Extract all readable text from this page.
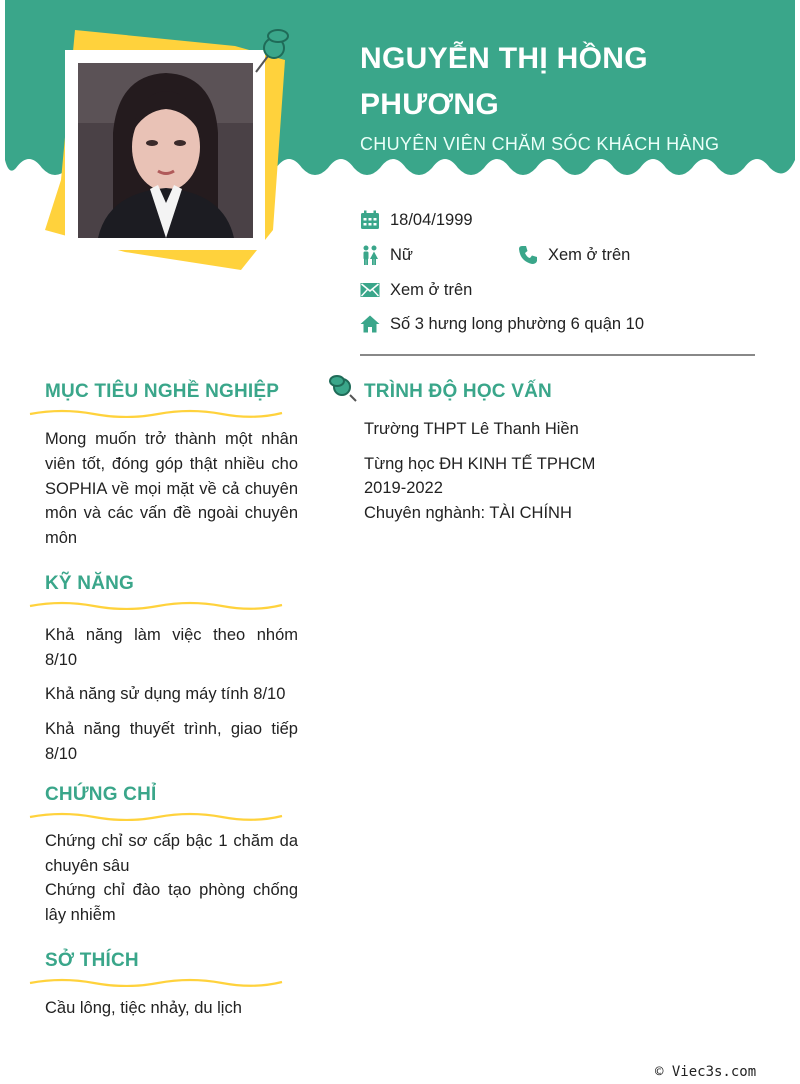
NGUYỄN THỊ HỒNG PHƯƠNG
CHUYÊN VIÊN CHĂM SÓC KHÁCH HÀNG
18/04/1999
Nữ	Xem ở trên
Xem ở trên
Số 3 hưng long phường 6 quận 10
MỤC TIÊU NGHỀ NGHIỆP
Mong muốn trở thành một nhân viên tốt, đóng góp thật nhiều cho SOPHIA về mọi mặt về cả chuyên môn và các vấn đề ngoài chuyên môn
KỸ NĂNG
Khả năng làm việc theo nhóm 8/10
Khả năng sử dụng máy tính 8/10
Khả năng thuyết trình, giao tiếp 8/10
CHỨNG CHỈ
Chứng chỉ sơ cấp bậc 1 chăm da chuyên sâu
Chứng chỉ đào tạo phòng chống lây nhiễm
SỞ THÍCH
Cầu lông, tiệc nhảy, du lịch
TRÌNH ĐỘ HỌC VẤN
Trường THPT Lê Thanh Hiền
Từng học ĐH KINH TẾ TPHCM
2019-2022
Chuyên nghành: TÀI CHÍNH
© Viec3s.com
